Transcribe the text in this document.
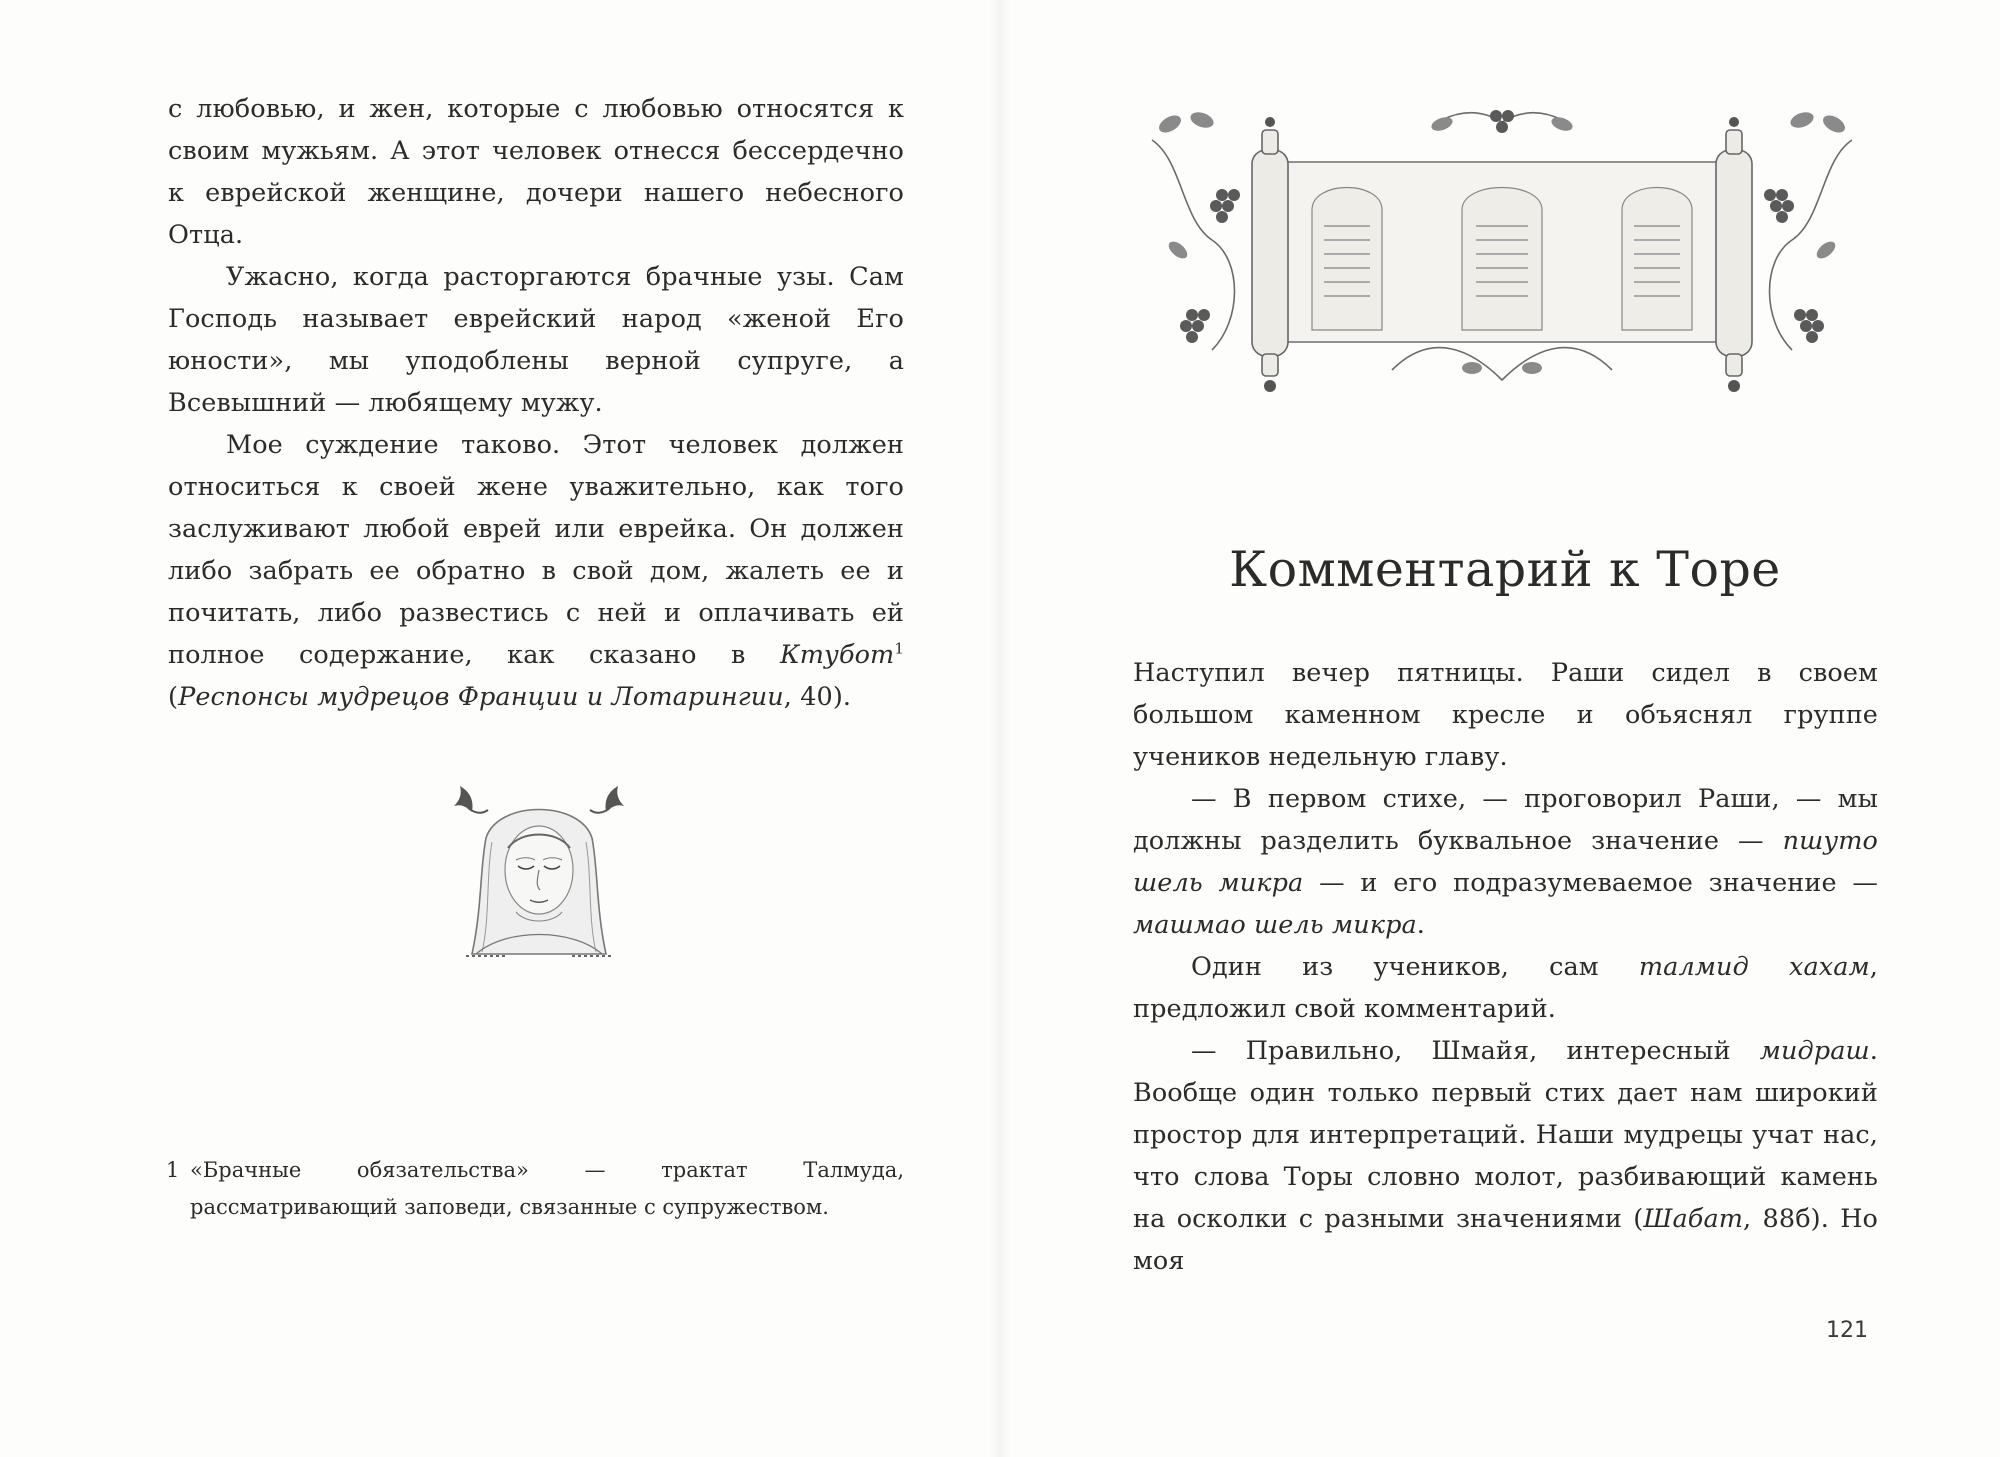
с любовью, и жен, которые с любовью относятся к своим мужьям. А этот человек отнесся бессердечно к еврейской женщине, дочери нашего небесного Отца.

Ужасно, когда расторгаются брачные узы. Сам Господь называет еврейский народ «женой Его юности», мы уподоблены верной супруге, а Всевышний — любящему мужу.

Мое суждение таково. Этот человек должен относиться к своей жене уважительно, как того заслуживают любой еврей или еврейка. Он должен либо забрать ее обратно в свой дом, жалеть ее и почитать, либо развестись с ней и оплачивать ей полное содержание, как сказано в Ктубот$^1$ (Респонсы мудрецов Франции и Лотарингии, 40).

1 «Брачные обязательства» — трактат Талмуда, рассматривающий заповеди, связанные с супружеством.
Комментарий к Торе

Наступил вечер пятницы. Раши сидел в своем большом каменном кресле и объяснял группе учеников недельную главу.

— В первом стихе, — проговорил Раши, — мы должны разделить буквальное значение — пшуто шель микра — и его подразумеваемое значение — машмао шель микра.

Один из учеников, сам талмид хахам, предложил свой комментарий.

— Правильно, Шмайя, интересный мидраш. Вообще один только первый стих дает нам широкий простор для интерпретаций. Наши мудрецы учат нас, что слова Торы словно молот, разбивающий камень на осколки с разными значениями (Шабат, 88б). Но моя

121
